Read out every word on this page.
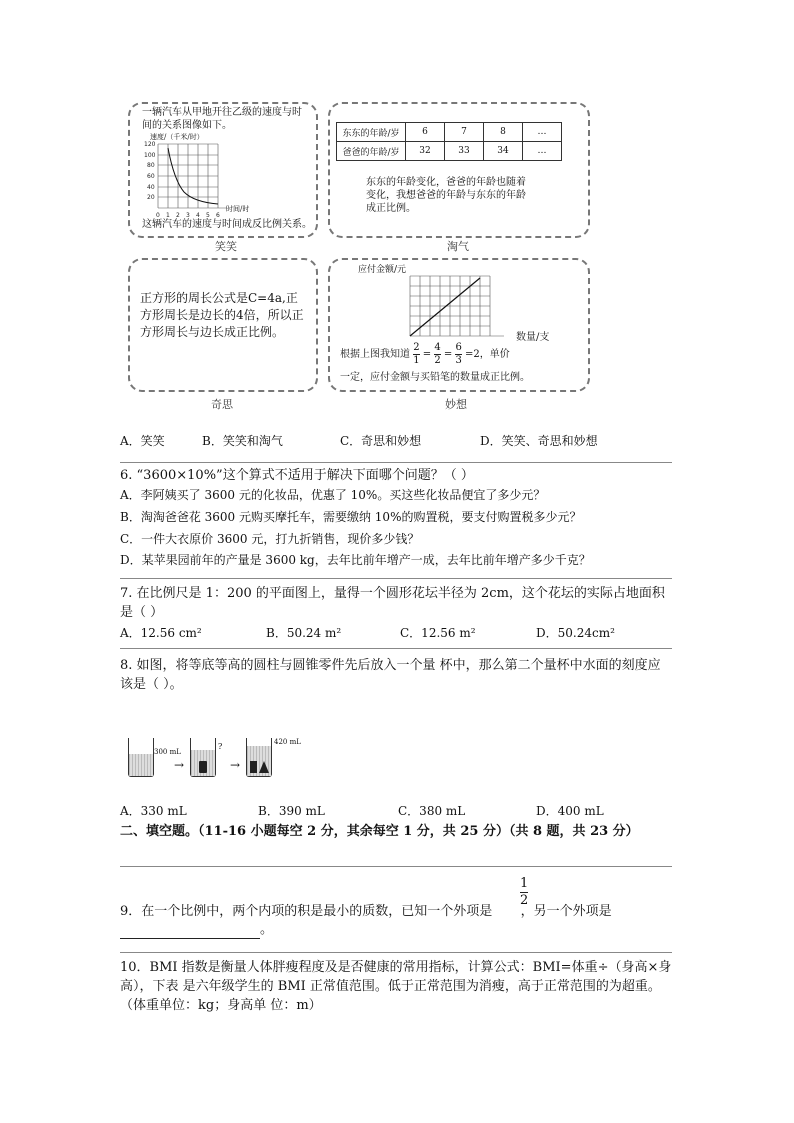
一辆汽车从甲地开往乙级的速度与时间的关系图像如下。
速度/（千米/时）
120
100
80
60
40
20
0 1 2 3 4 5 6
时间/时
这辆汽车的速度与时间成反比例关系。
笑笑
东东的年龄/岁	6	7	8	…
爸爸的年龄/岁	32	33	34	…
东东的年龄变化，爸爸的年龄也随着变化，我想爸爸的年龄与东东的年龄成正比例。
淘气
正方形的周长公式是C=4a,正方形周长是边长的4倍，所以正方形周长与边长成正比例。
奇思
应付金额/元
数量/支
根据上图我知道 $\frac{2}{1} = \frac{4}{2} = \frac{6}{3} =2$，单价
一定，应付金额与买铅笔的数量成正比例。
妙想
A．笑笑	B．笑笑和淘气	C．奇思和妙想	D．笑笑、奇思和妙想
6. “3600×10%”这个算式不适用于解决下面哪个问题？（ ）
A．李阿姨买了 3600 元的化妆品，优惠了 10%。买这些化妆品便宜了多少元？
B．淘淘爸爸花 3600 元购买摩托车，需要缴纳 10%的购置税，要支付购置税多少元？
C．一件大衣原价 3600 元，打九折销售，现价多少钱？
D．某苹果园前年的产量是 3600 kg，去年比前年增产一成，去年比前年增产多少千克？
7. 在比例尺是 1：200 的平面图上，量得一个圆形花坛半径为 2cm，这个花坛的实际占地面积是（ ）
A．12.56 cm²	B．50.24 m²	C．12.56 m²	D．50.24cm²
8. 如图，将等底等高的圆柱与圆锥零件先后放入一个量 杯中，那么第二个量杯中水面的刻度应该是（ ）。
300 mL
→
?
→
420 mL
A．330 mL	B．390 mL	C．380 mL	D．400 mL
二、填空题。（11-16 小题每空 2 分，其余每空 1 分，共 25 分）（共 8 题，共 23 分）
1
2
9．在一个比例中，两个内项的积是最小的质数，已知一个外项是 ，另一个外项是
。
10．BMI 指数是衡量人体胖瘦程度及是否健康的常用指标，计算公式：BMI=体重÷（身高×身高），下表 是六年级学生的 BMI 正常值范围。低于正常范围为消瘦，高于正常范围的为超重。（体重单位：kg；身高单 位：m）
